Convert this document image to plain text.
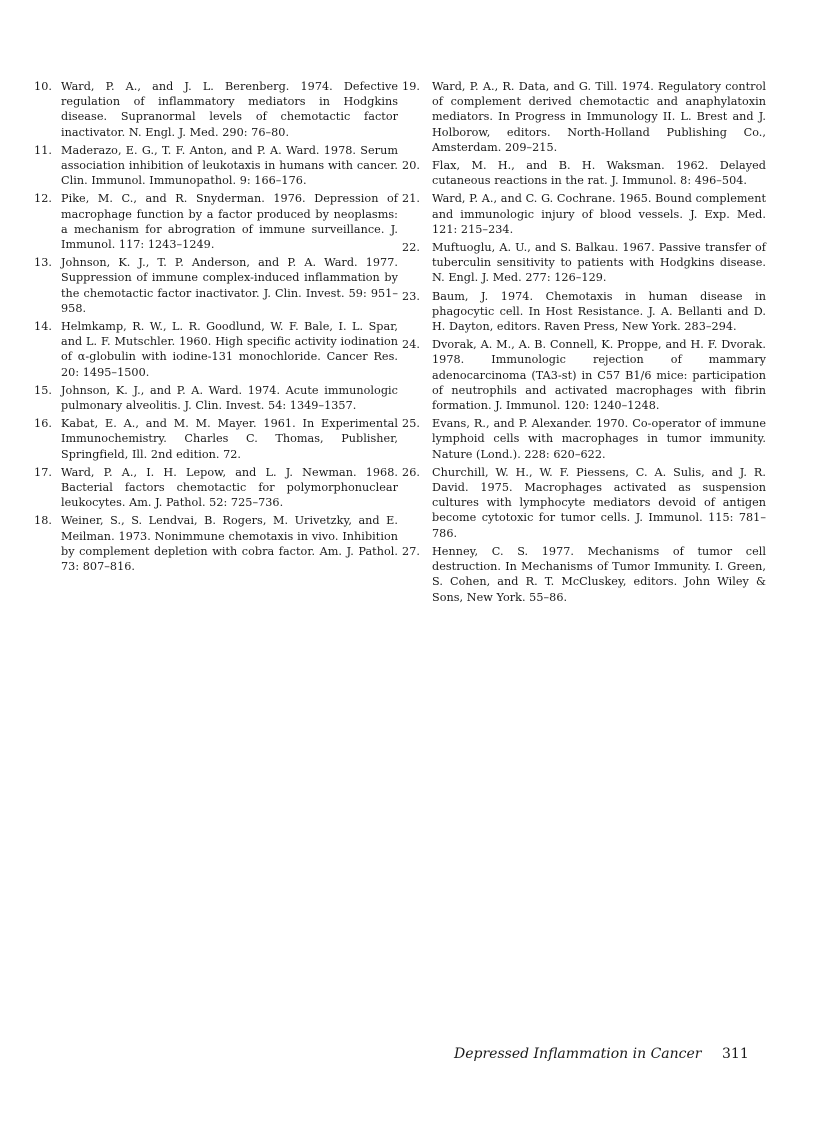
10. Ward, P. A., and J. L. Berenberg. 1974. Defective regulation of inflammatory mediators in Hodgkins disease. Supranormal levels of chemotactic factor inactivator. N. Engl. J. Med. 290: 76–80.
11. Maderazo, E. G., T. F. Anton, and P. A. Ward. 1978. Serum association inhibition of leukotaxis in humans with cancer. Clin. Immunol. Immunopathol. 9: 166–176.
12. Pike, M. C., and R. Snyderman. 1976. Depression of macrophage function by a factor produced by neoplasms: a mechanism for abrogration of immune surveillance. J. Immunol. 117: 1243–1249.
13. Johnson, K. J., T. P. Anderson, and P. A. Ward. 1977. Suppression of immune complex-induced inflammation by the chemotactic factor inactivator. J. Clin. Invest. 59: 951–958.
14. Helmkamp, R. W., L. R. Goodlund, W. F. Bale, I. L. Spar, and L. F. Mutschler. 1960. High specific activity iodination of α-globulin with iodine-131 monochloride. Cancer Res. 20: 1495–1500.
15. Johnson, K. J., and P. A. Ward. 1974. Acute immunologic pulmonary alveolitis. J. Clin. Invest. 54: 1349–1357.
16. Kabat, E. A., and M. M. Mayer. 1961. In Experimental Immunochemistry. Charles C. Thomas, Publisher, Springfield, Ill. 2nd edition. 72.
17. Ward, P. A., I. H. Lepow, and L. J. Newman. 1968. Bacterial factors chemotactic for polymorphonuclear leukocytes. Am. J. Pathol. 52: 725–736.
18. Weiner, S., S. Lendvai, B. Rogers, M. Urivetzky, and E. Meilman. 1973. Nonimmune chemotaxis in vivo. Inhibition by complement depletion with cobra factor. Am. J. Pathol. 73: 807–816.
19. Ward, P. A., R. Data, and G. Till. 1974. Regulatory control of complement derived chemotactic and anaphylatoxin mediators. In Progress in Immunology II. L. Brest and J. Holborow, editors. North-Holland Publishing Co., Amsterdam. 209–215.
20. Flax, M. H., and B. H. Waksman. 1962. Delayed cutaneous reactions in the rat. J. Immunol. 8: 496–504.
21. Ward, P. A., and C. G. Cochrane. 1965. Bound complement and immunologic injury of blood vessels. J. Exp. Med. 121: 215–234.
22. Muftuoglu, A. U., and S. Balkau. 1967. Passive transfer of tuberculin sensitivity to patients with Hodgkins disease. N. Engl. J. Med. 277: 126–129.
23. Baum, J. 1974. Chemotaxis in human disease in phagocytic cell. In Host Resistance. J. A. Bellanti and D. H. Dayton, editors. Raven Press, New York. 283–294.
24. Dvorak, A. M., A. B. Connell, K. Proppe, and H. F. Dvorak. 1978. Immunologic rejection of mammary adenocarcinoma (TA3-st) in C57 B1/6 mice: participation of neutrophils and activated macrophages with fibrin formation. J. Immunol. 120: 1240–1248.
25. Evans, R., and P. Alexander. 1970. Co-operator of immune lymphoid cells with macrophages in tumor immunity. Nature (Lond.). 228: 620–622.
26. Churchill, W. H., W. F. Piessens, C. A. Sulis, and J. R. David. 1975. Macrophages activated as suspension cultures with lymphocyte mediators devoid of antigen become cytotoxic for tumor cells. J. Immunol. 115: 781–786.
27. Henney, C. S. 1977. Mechanisms of tumor cell destruction. In Mechanisms of Tumor Immunity. I. Green, S. Cohen, and R. T. McCluskey, editors. John Wiley & Sons, New York. 55–86.
Depressed Inflammation in Cancer 311
